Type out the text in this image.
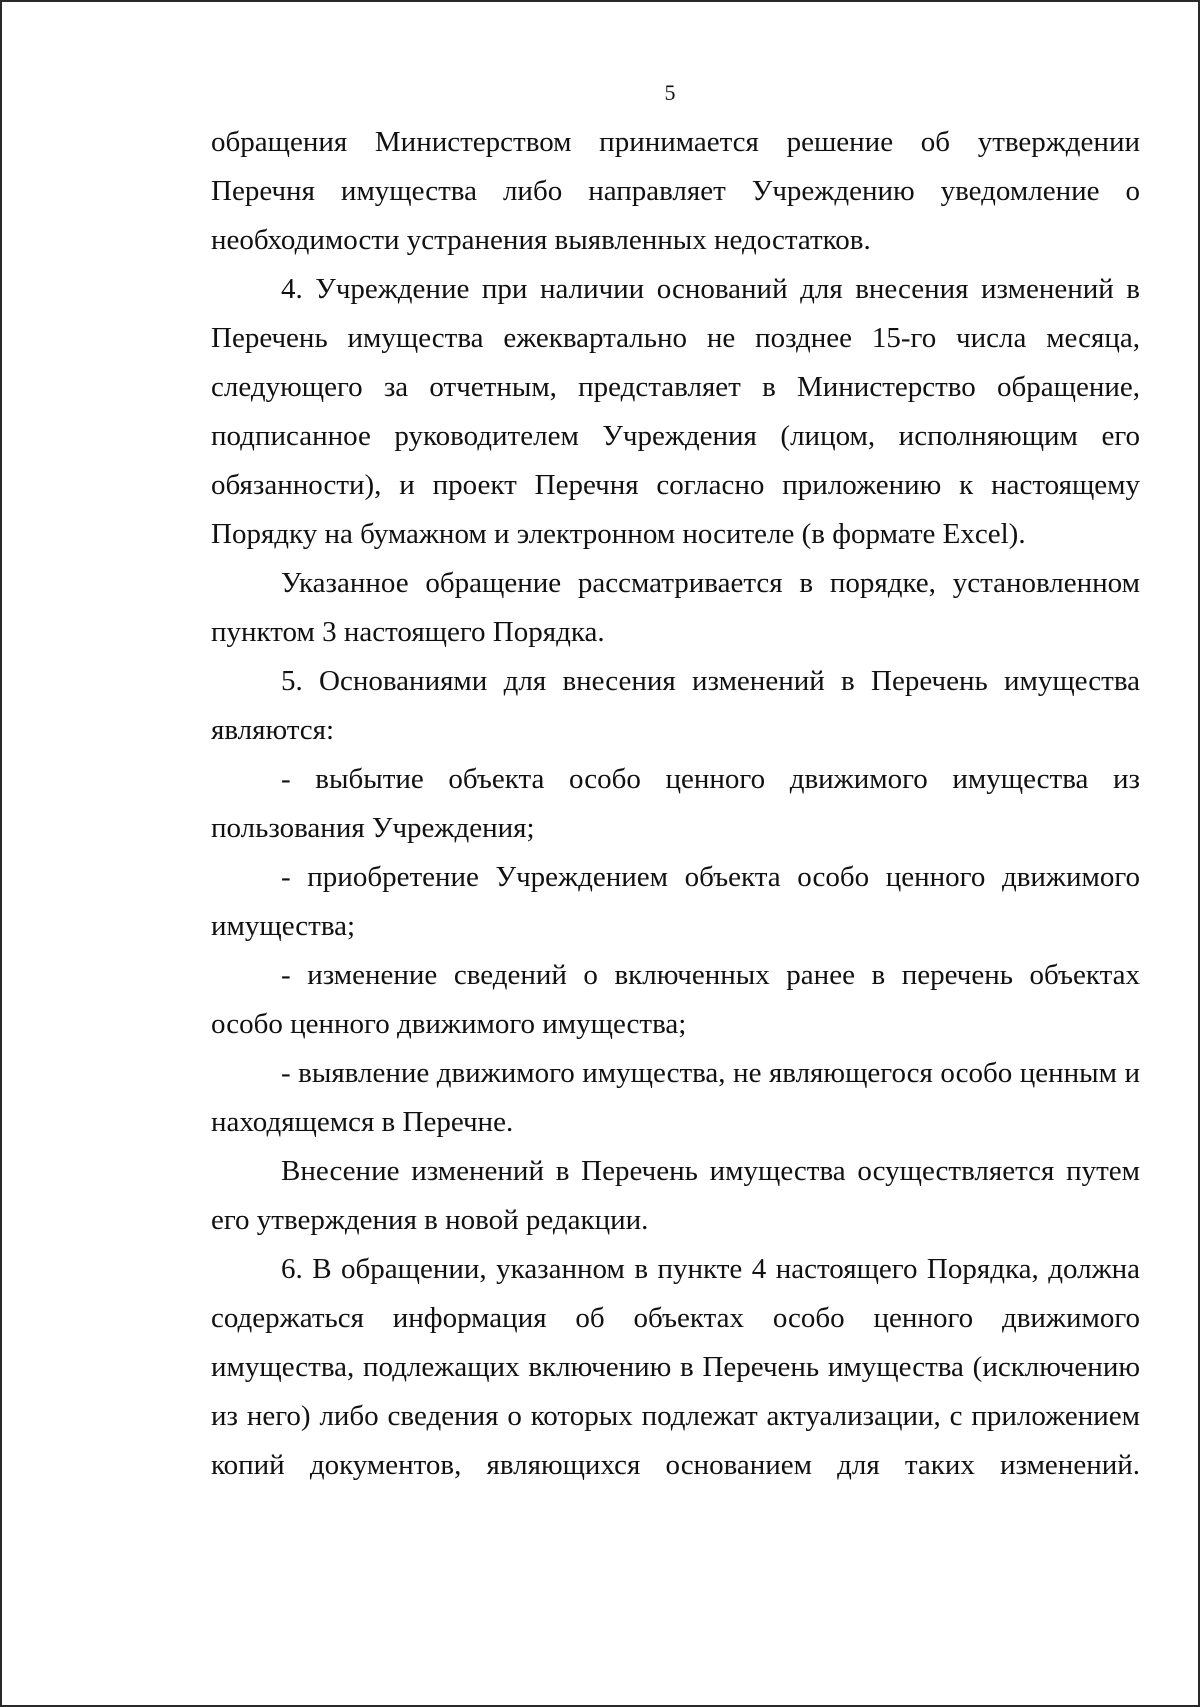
5

обращения Министерством принимается решение об утверждении Перечня имущества либо направляет Учреждению уведомление о необходимости устранения выявленных недостатков.

4. Учреждение при наличии оснований для внесения изменений в Перечень имущества ежеквартально не позднее 15-го числа месяца, следующего за отчетным, представляет в Министерство обращение, подписанное руководителем Учреждения (лицом, исполняющим его обязанности), и проект Перечня согласно приложению к настоящему Порядку на бумажном и электронном носителе (в формате Excel).

Указанное обращение рассматривается в порядке, установленном пунктом 3 настоящего Порядка.

5. Основаниями для внесения изменений в Перечень имущества являются:

- выбытие объекта особо ценного движимого имущества из пользования Учреждения;

- приобретение Учреждением объекта особо ценного движимого имущества;

- изменение сведений о включенных ранее в перечень объектах особо ценного движимого имущества;

- выявление движимого имущества, не являющегося особо ценным и находящемся в Перечне.

Внесение изменений в Перечень имущества осуществляется путем его утверждения в новой редакции.

6. В обращении, указанном в пункте 4 настоящего Порядка, должна содержаться информация об объектах особо ценного движимого имущества, подлежащих включению в Перечень имущества (исключению из него) либо сведения о которых подлежат актуализации, с приложением копий документов, являющихся основанием для таких изменений.
